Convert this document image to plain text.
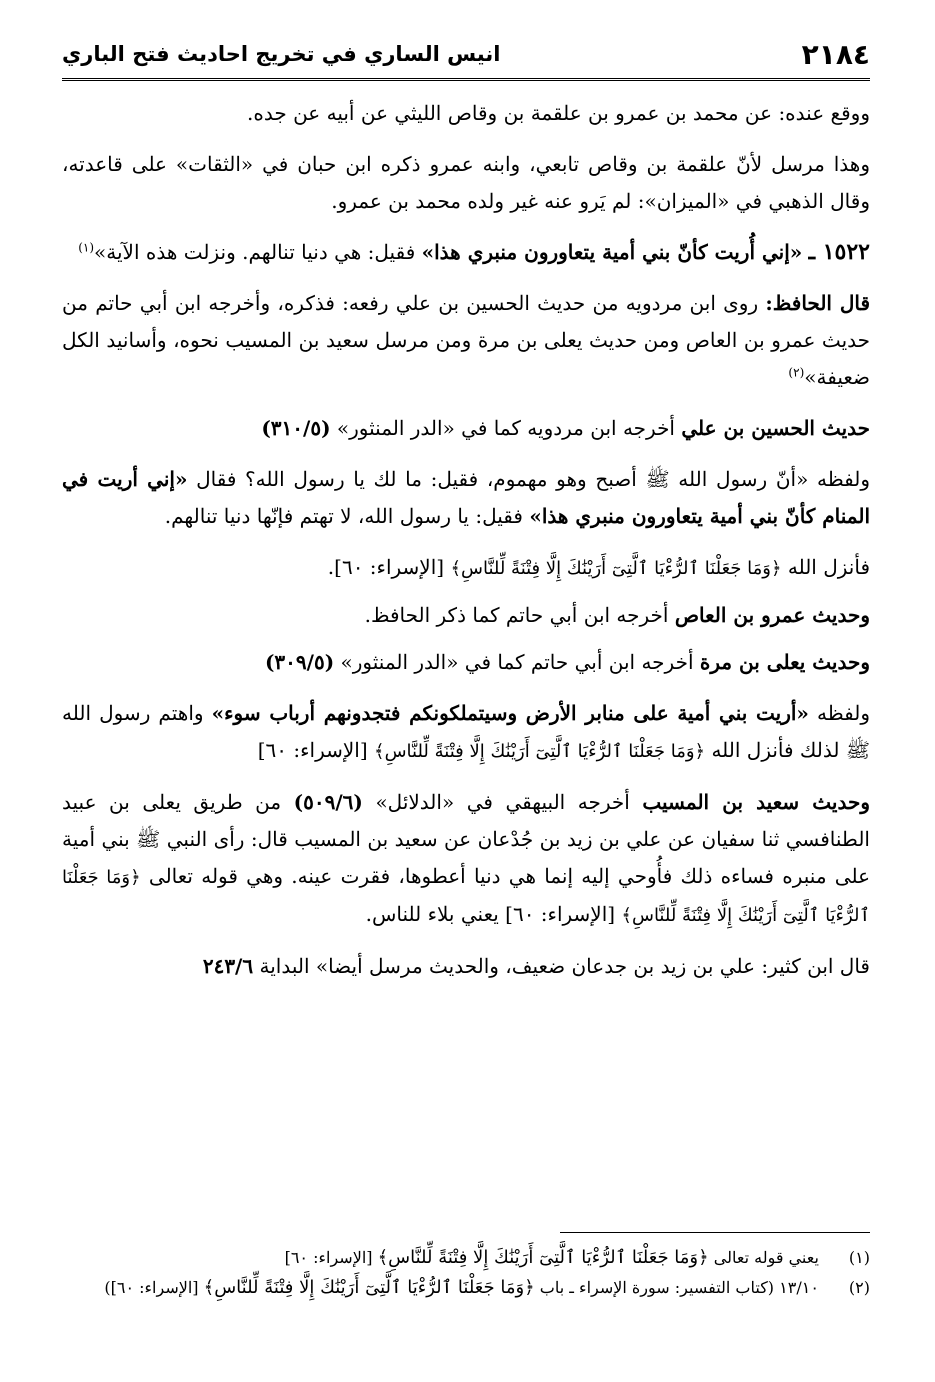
٢١٨٤
انيس الساري في تخريج احاديث فتح الباري

ووقع عنده: عن محمد بن عمرو بن علقمة بن وقاص الليثي عن أبيه عن جده.

وهذا مرسل لأنّ علقمة بن وقاص تابعي، وابنه عمرو ذكره ابن حبان في «الثقات» على قاعدته، وقال الذهبي في «الميزان»: لم يَرو عنه غير ولده محمد بن عمرو.

١٥٢٢ ـ «إني أُريت كأنّ بني أمية يتعاورون منبري هذا» فقيل: هي دنيا تنالهم. ونزلت هذه الآية»$^{(١)}$

قال الحافظ: روى ابن مردويه من حديث الحسين بن علي رفعه: فذكره، وأخرجه ابن أبي حاتم من حديث عمرو بن العاص ومن حديث يعلى بن مرة ومن مرسل سعيد بن المسيب نحوه، وأسانيد الكل ضعيفة»$^{(٢)}$

حديث الحسين بن علي أخرجه ابن مردويه كما في «الدر المنثور» (٣١٠/٥)

ولفظه «أنّ رسول الله ﷺ أصبح وهو مهموم، فقيل: ما لك يا رسول الله؟ فقال «إني أريت في المنام كأنّ بني أمية يتعاورون منبري هذا» فقيل: يا رسول الله، لا تهتم فإنّها دنيا تنالهم.

فأنزل الله ﴿وَمَا جَعَلْنَا ٱلرُّءْيَا ٱلَّتِىٓ أَرَيْنَٰكَ إِلَّا فِتْنَةً لِّلنَّاسِ﴾ [الإسراء: ٦٠].

وحديث عمرو بن العاص أخرجه ابن أبي حاتم كما ذكر الحافظ.

وحديث يعلى بن مرة أخرجه ابن أبي حاتم كما في «الدر المنثور» (٣٠٩/٥)

ولفظه «أريت بني أمية على منابر الأرض وسيتملكونكم فتجدونهم أرباب سوء» واهتم رسول الله ﷺ لذلك فأنزل الله ﴿وَمَا جَعَلْنَا ٱلرُّءْيَا ٱلَّتِىٓ أَرَيْنَٰكَ إِلَّا فِتْنَةً لِّلنَّاسِ﴾ [الإسراء: ٦٠]

وحديث سعيد بن المسيب أخرجه البيهقي في «الدلائل» (٥٠٩/٦) من طريق يعلى بن عبيد الطنافسي ثنا سفيان عن علي بن زيد بن جُدْعان عن سعيد بن المسيب قال: رأى النبي ﷺ بني أمية على منبره فساءه ذلك فأُوحي إليه إنما هي دنيا أعطوها، فقرت عينه. وهي قوله تعالى ﴿وَمَا جَعَلْنَا ٱلرُّءْيَا ٱلَّتِىٓ أَرَيْنَٰكَ إِلَّا فِتْنَةً لِّلنَّاسِ﴾ [الإسراء: ٦٠] يعني بلاء للناس.

قال ابن كثير: علي بن زيد بن جدعان ضعيف، والحديث مرسل أيضا» البداية ٢٤٣/٦

(١) يعني قوله تعالى ﴿وَمَا جَعَلْنَا ٱلرُّءْيَا ٱلَّتِىٓ أَرَيْنَٰكَ إِلَّا فِتْنَةً لِّلنَّاسِ﴾ [الإسراء: ٦٠]
(٢) ١٣/١٠ (كتاب التفسير: سورة الإسراء ـ باب ﴿وَمَا جَعَلْنَا ٱلرُّءْيَا ٱلَّتِىٓ أَرَيْنَٰكَ إِلَّا فِتْنَةً لِّلنَّاسِ﴾ [الإسراء: ٦٠])
